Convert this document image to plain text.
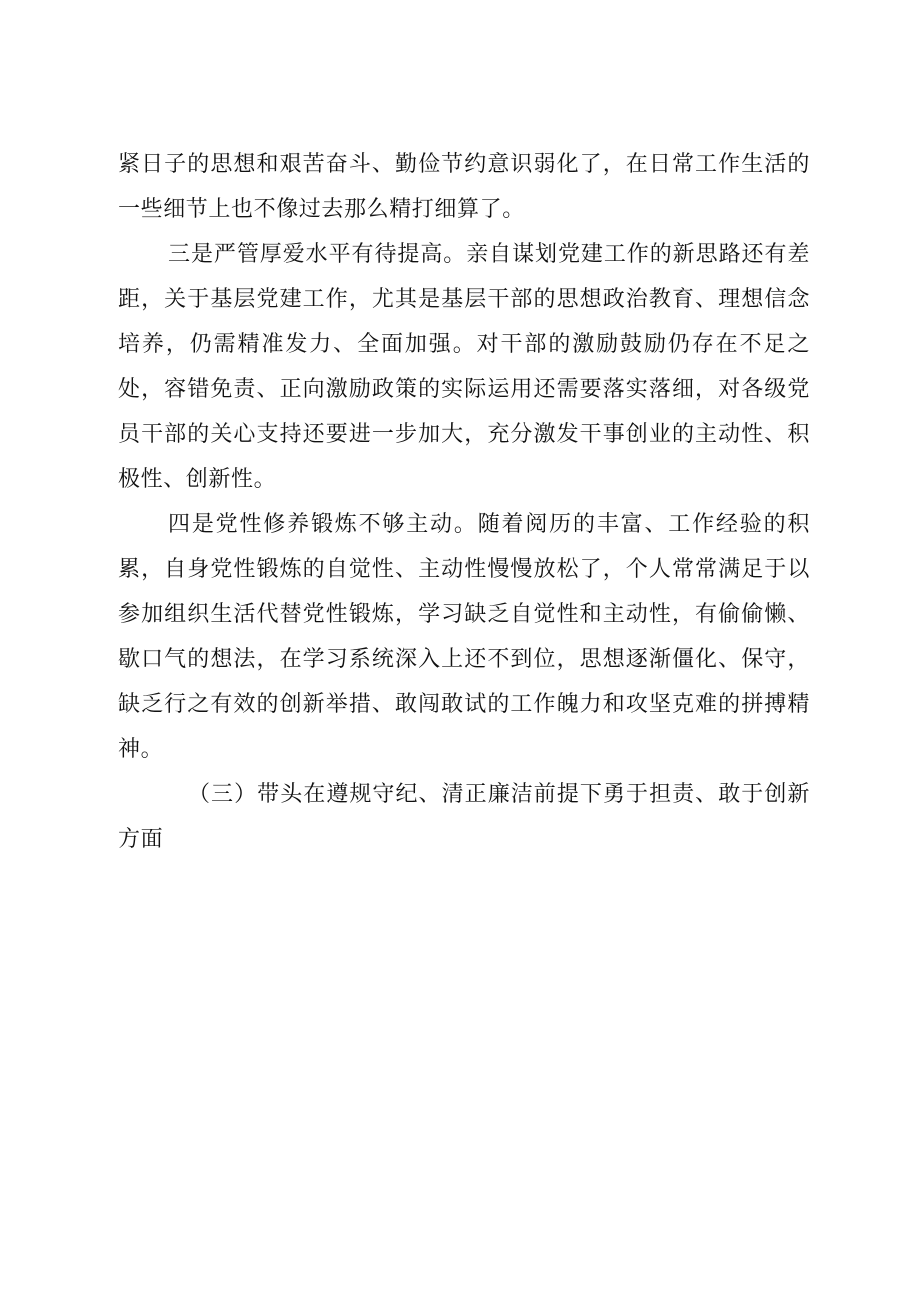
紧日子的思想和艰苦奋斗、勤俭节约意识弱化了，在日常工作生活的一些细节上也不像过去那么精打细算了。

三是严管厚爱水平有待提高。亲自谋划党建工作的新思路还有差距，关于基层党建工作，尤其是基层干部的思想政治教育、理想信念培养，仍需精准发力、全面加强。对干部的激励鼓励仍存在不足之处，容错免责、正向激励政策的实际运用还需要落实落细，对各级党员干部的关心支持还要进一步加大，充分激发干事创业的主动性、积极性、创新性。

四是党性修养锻炼不够主动。随着阅历的丰富、工作经验的积累，自身党性锻炼的自觉性、主动性慢慢放松了，个人常常满足于以参加组织生活代替党性锻炼，学习缺乏自觉性和主动性，有偷偷懒、歇口气的想法，在学习系统深入上还不到位，思想逐渐僵化、保守，缺乏行之有效的创新举措、敢闯敢试的工作魄力和攻坚克难的拼搏精神。

（三）带头在遵规守纪、清正廉洁前提下勇于担责、敢于创新方面
